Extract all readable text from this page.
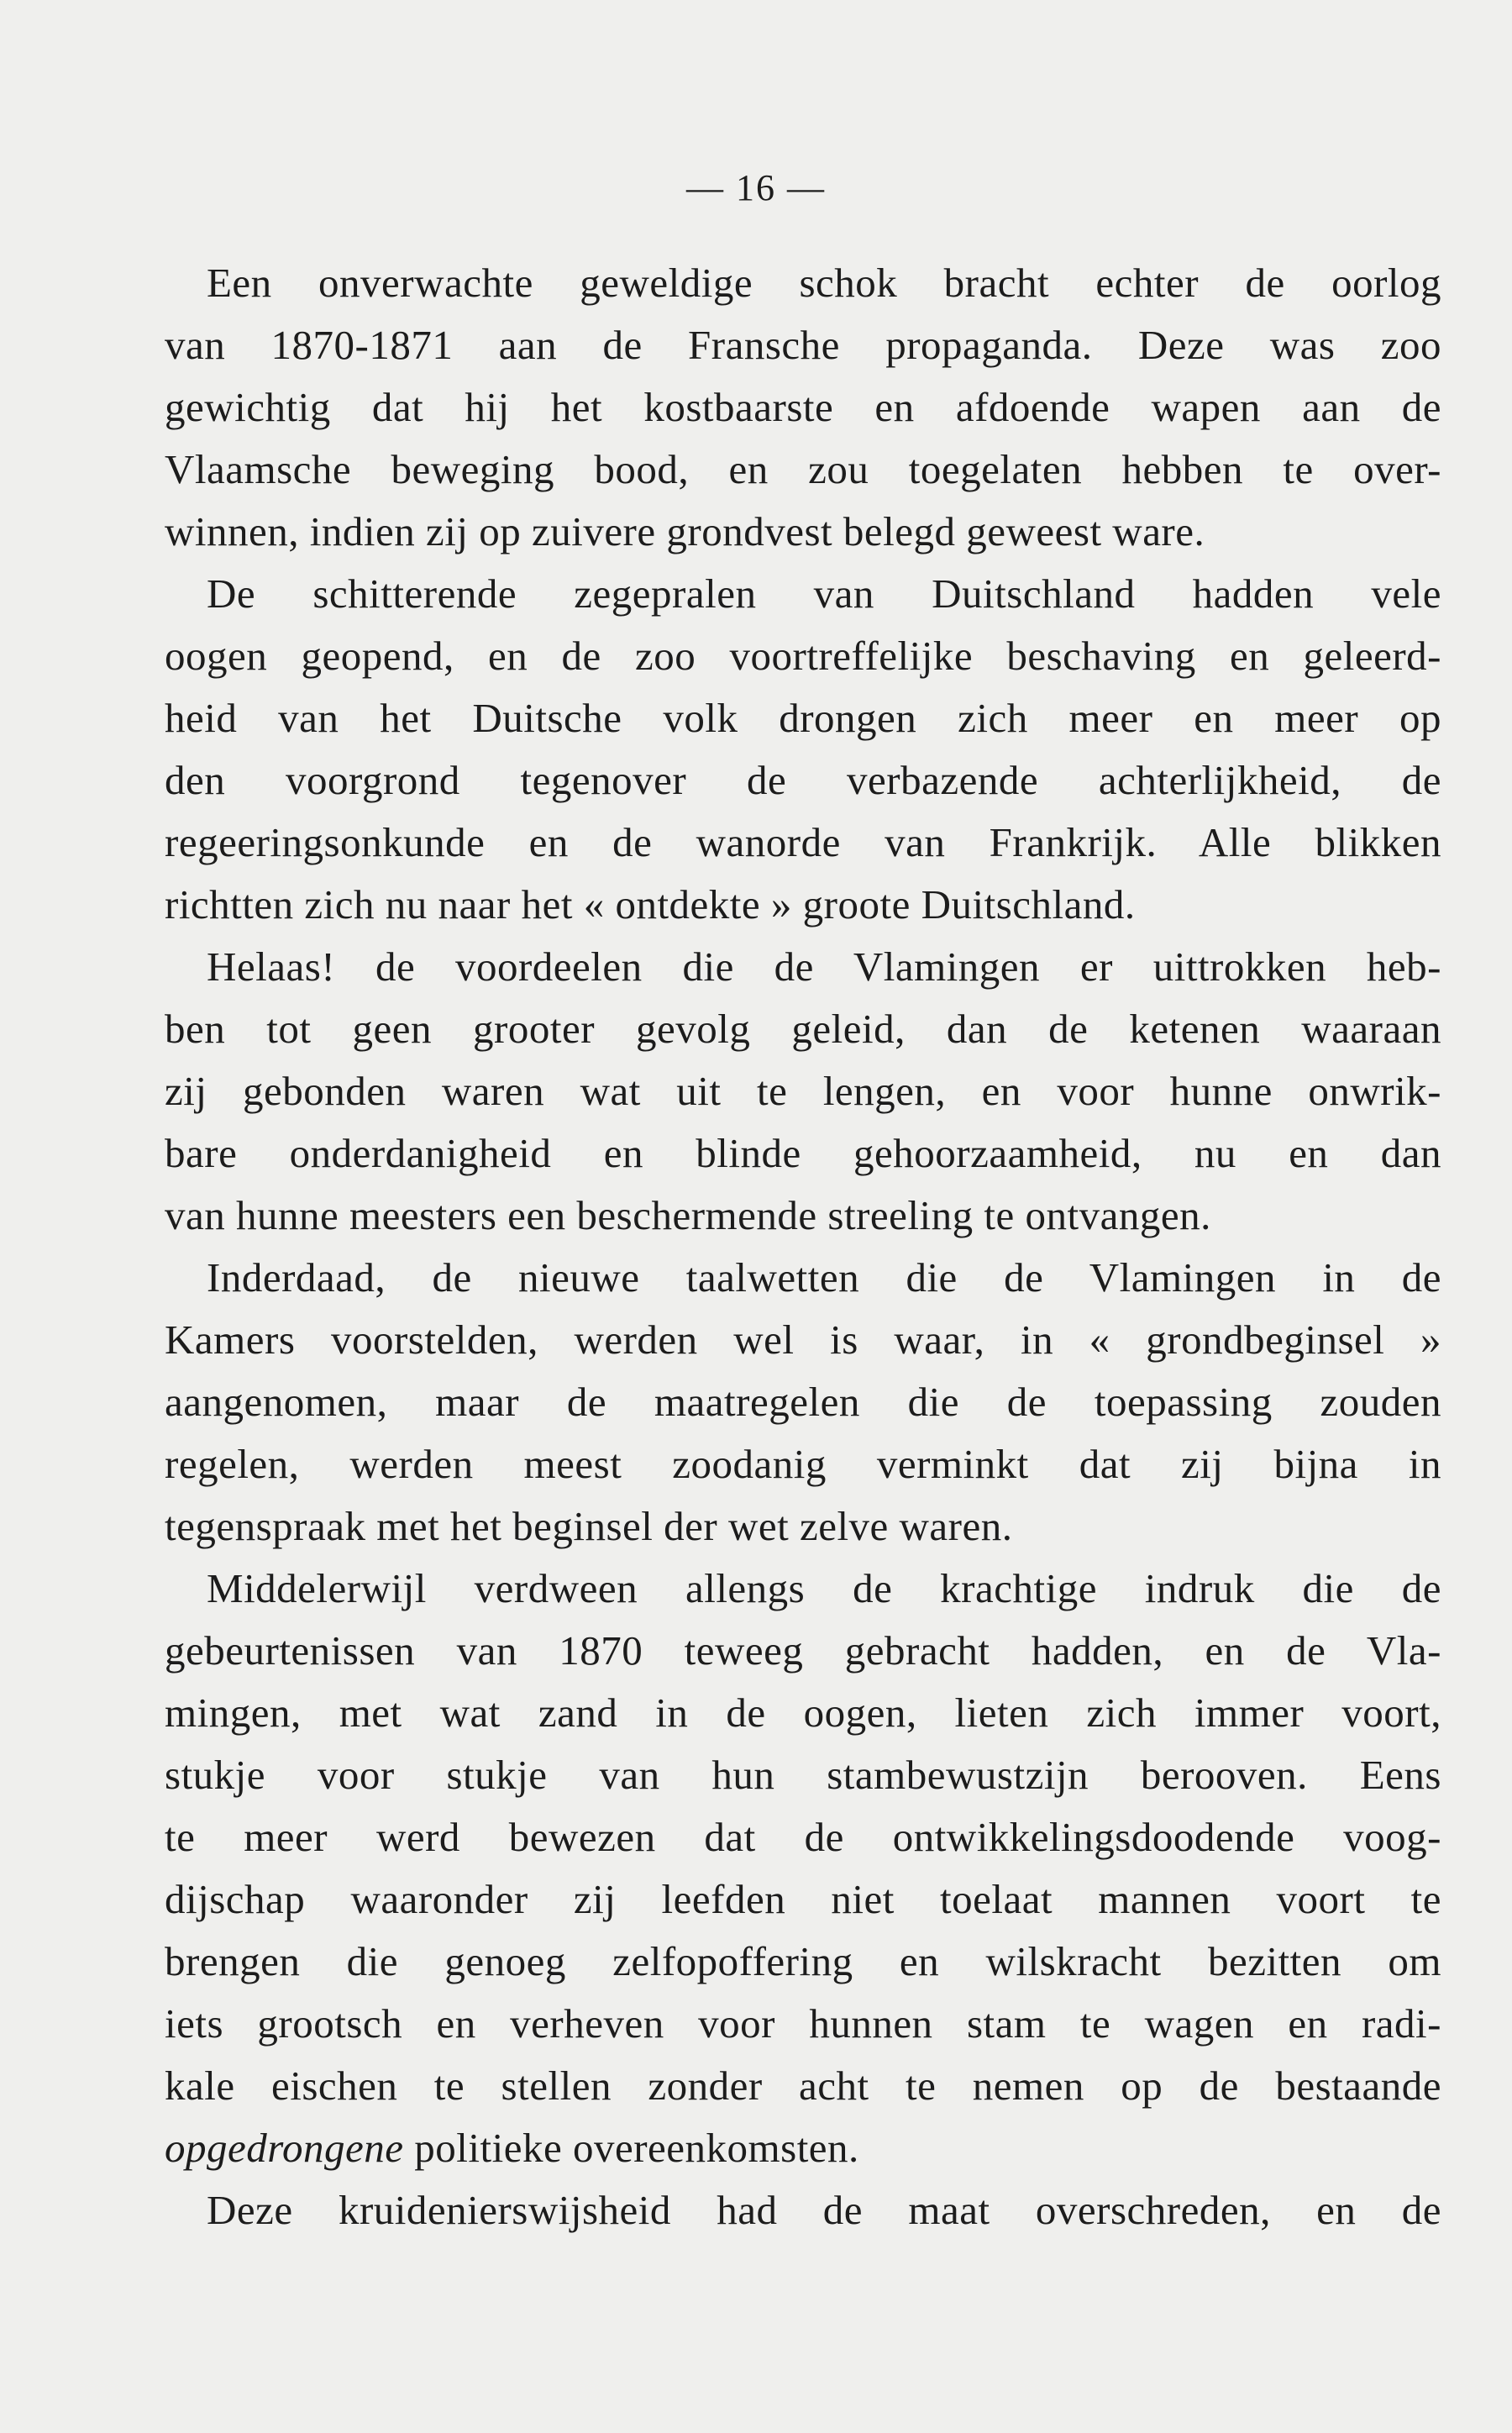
— 16 —
Een onverwachte geweldige schok bracht echter de oorlog
van 1870-1871 aan de Fransche propaganda. Deze was zoo
gewichtig dat hij het kostbaarste en afdoende wapen aan de
Vlaamsche beweging bood, en zou toegelaten hebben te over-
winnen, indien zij op zuivere grondvest belegd geweest ware.
De schitterende zegepralen van Duitschland hadden vele
oogen geopend, en de zoo voortreffelijke beschaving en geleerd-
heid van het Duitsche volk drongen zich meer en meer op
den voorgrond tegenover de verbazende achterlijkheid, de
regeeringsonkunde en de wanorde van Frankrijk. Alle blikken
richtten zich nu naar het « ontdekte » groote Duitschland.
Helaas! de voordeelen die de Vlamingen er uittrokken heb-
ben tot geen grooter gevolg geleid, dan de ketenen waaraan
zij gebonden waren wat uit te lengen, en voor hunne onwrik-
bare onderdanigheid en blinde gehoorzaamheid, nu en dan
van hunne meesters een beschermende streeling te ontvangen.
Inderdaad, de nieuwe taalwetten die de Vlamingen in de
Kamers voorstelden, werden wel is waar, in « grondbeginsel »
aangenomen, maar de maatregelen die de toepassing zouden
regelen, werden meest zoodanig verminkt dat zij bijna in
tegenspraak met het beginsel der wet zelve waren.
Middelerwijl verdween allengs de krachtige indruk die de
gebeurtenissen van 1870 teweeg gebracht hadden, en de Vla-
mingen, met wat zand in de oogen, lieten zich immer voort,
stukje voor stukje van hun stambewustzijn berooven. Eens
te meer werd bewezen dat de ontwikkelingsdoodende voog-
dijschap waaronder zij leefden niet toelaat mannen voort te
brengen die genoeg zelfopoffering en wilskracht bezitten om
iets grootsch en verheven voor hunnen stam te wagen en radi-
kale eischen te stellen zonder acht te nemen op de bestaande
opgedrongene politieke overeenkomsten.
Deze kruidenierswijsheid had de maat overschreden, en de
